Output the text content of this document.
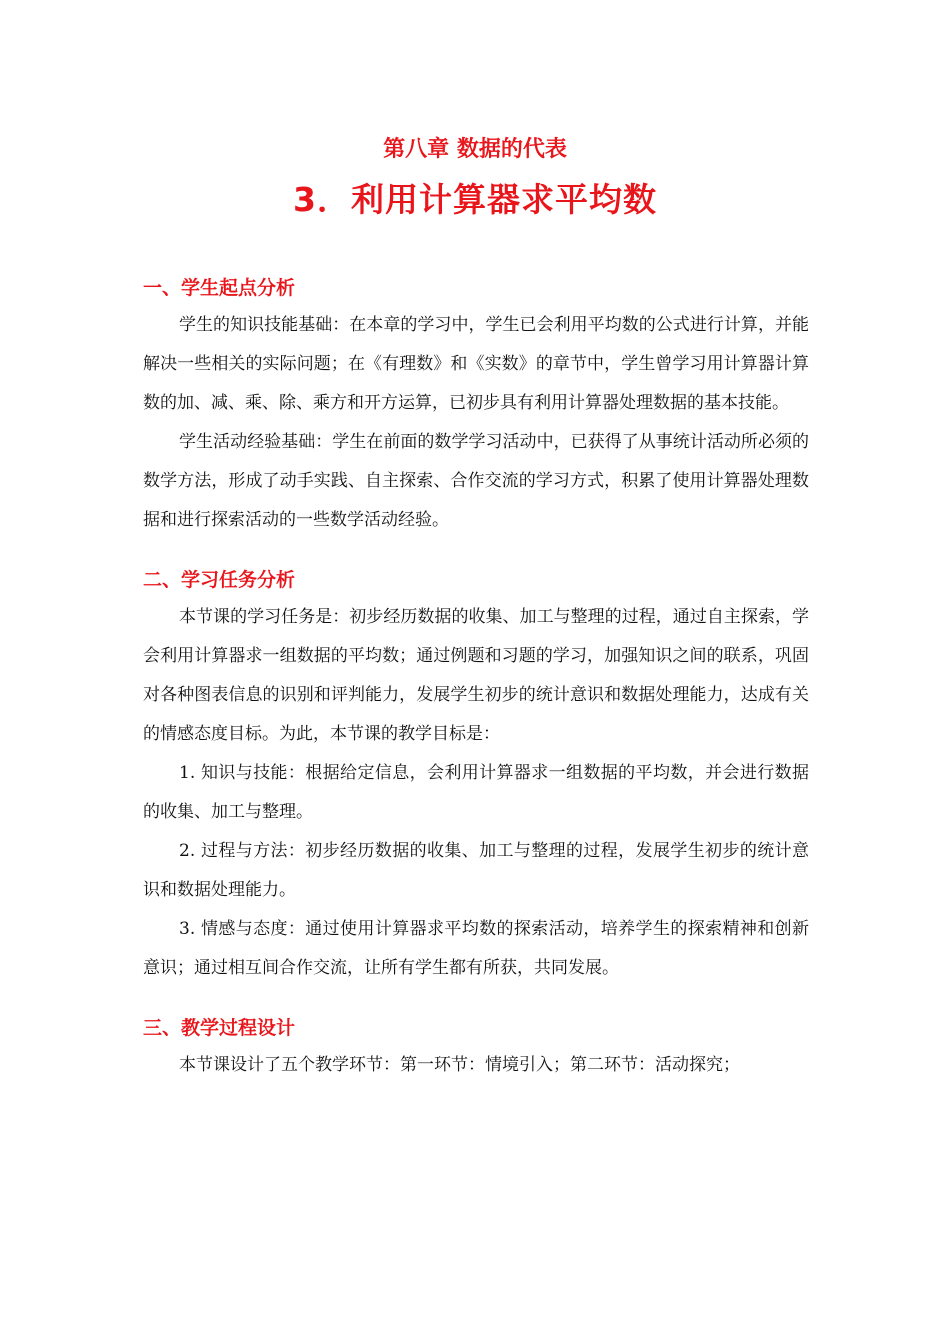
第八章 数据的代表
3．利用计算器求平均数
一、学生起点分析

学生的知识技能基础：在本章的学习中，学生已会利用平均数的公式进行计算，并能解决一些相关的实际问题；在《有理数》和《实数》的章节中，学生曾学习用计算器计算数的加、减、乘、除、乘方和开方运算，已初步具有利用计算器处理数据的基本技能。

学生活动经验基础：学生在前面的数学学习活动中，已获得了从事统计活动所必须的数学方法，形成了动手实践、自主探索、合作交流的学习方式，积累了使用计算器处理数据和进行探索活动的一些数学活动经验。

二、学习任务分析

本节课的学习任务是：初步经历数据的收集、加工与整理的过程，通过自主探索，学会利用计算器求一组数据的平均数；通过例题和习题的学习，加强知识之间的联系，巩固对各种图表信息的识别和评判能力，发展学生初步的统计意识和数据处理能力，达成有关的情感态度目标。为此，本节课的教学目标是：

1. 知识与技能：根据给定信息，会利用计算器求一组数据的平均数，并会进行数据的收集、加工与整理。

2. 过程与方法：初步经历数据的收集、加工与整理的过程，发展学生初步的统计意识和数据处理能力。

3. 情感与态度：通过使用计算器求平均数的探索活动，培养学生的探索精神和创新意识；通过相互间合作交流，让所有学生都有所获，共同发展。

三、教学过程设计

本节课设计了五个教学环节：第一环节：情境引入；第二环节：活动探究；
